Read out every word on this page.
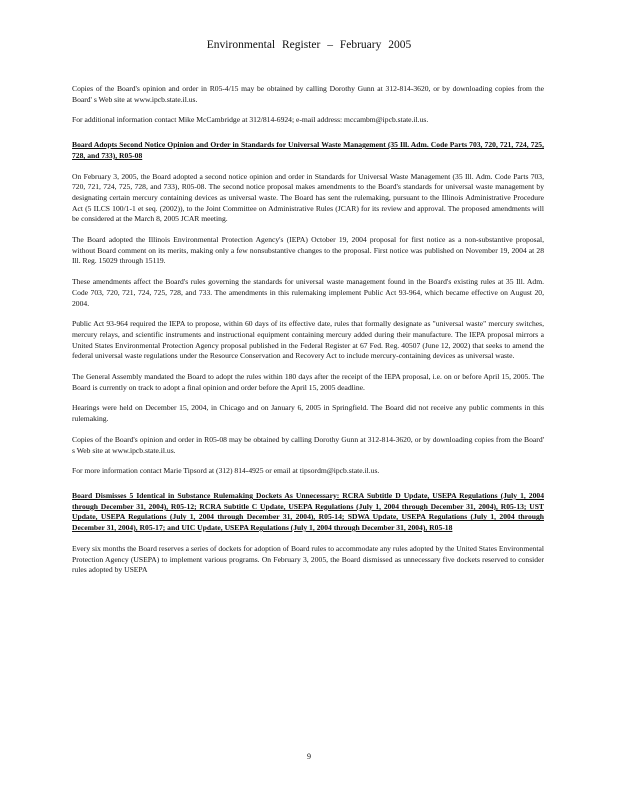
Environmental Register – February 2005

Copies of the Board's opinion and order in R05-4/15 may be obtained by calling Dorothy Gunn at 312-814-3620, or by downloading copies from the Board' s Web site at www.ipcb.state.il.us.

For additional information contact Mike McCambridge at 312/814-6924; e-mail address: mccambm@ipcb.state.il.us.

Board Adopts Second Notice Opinion and Order in Standards for Universal Waste Management (35 Ill. Adm. Code Parts 703, 720, 721, 724, 725, 728, and 733), R05-08

On February 3, 2005, the Board adopted a second notice opinion and order in Standards for Universal Waste Management (35 Ill. Adm. Code Parts 703, 720, 721, 724, 725, 728, and 733), R05-08. The second notice proposal makes amendments to the Board's standards for universal waste management by designating certain mercury containing devices as universal waste. The Board has sent the rulemaking, pursuant to the Illinois Administrative Procedure Act (5 ILCS 100/1-1 et seq. (2002)), to the Joint Committee on Administrative Rules (JCAR) for its review and approval. The proposed amendments will be considered at the March 8, 2005 JCAR meeting.

The Board adopted the Illinois Environmental Protection Agency's (IEPA) October 19, 2004 proposal for first notice as a non-substantive proposal, without Board comment on its merits, making only a few nonsubstantive changes to the proposal. First notice was published on November 19, 2004 at 28 Ill. Reg. 15029 through 15119.

These amendments affect the Board's rules governing the standards for universal waste management found in the Board's existing rules at 35 Ill. Adm. Code 703, 720, 721, 724, 725, 728, and 733. The amendments in this rulemaking implement Public Act 93-964, which became effective on August 20, 2004.

Public Act 93-964 required the IEPA to propose, within 60 days of its effective date, rules that formally designate as "universal waste" mercury switches, mercury relays, and scientific instruments and instructional equipment containing mercury added during their manufacture. The IEPA proposal mirrors a United States Environmental Protection Agency proposal published in the Federal Register at 67 Fed. Reg. 40507 (June 12, 2002) that seeks to amend the federal universal waste regulations under the Resource Conservation and Recovery Act to include mercury-containing devices as universal waste.

The General Assembly mandated the Board to adopt the rules within 180 days after the receipt of the IEPA proposal, i.e. on or before April 15, 2005. The Board is currently on track to adopt a final opinion and order before the April 15, 2005 deadline.

Hearings were held on December 15, 2004, in Chicago and on January 6, 2005 in Springfield. The Board did not receive any public comments in this rulemaking.

Copies of the Board's opinion and order in R05-08 may be obtained by calling Dorothy Gunn at 312-814-3620, or by downloading copies from the Board' s Web site at www.ipcb.state.il.us.

For more information contact Marie Tipsord at (312) 814-4925 or email at tipsordm@ipcb.state.il.us.

Board Dismisses 5 Identical in Substance Rulemaking Dockets As Unnecessary: RCRA Subtitle D Update, USEPA Regulations (July 1, 2004 through December 31, 2004), R05-12; RCRA Subtitle C Update, USEPA Regulations (July 1, 2004 through December 31, 2004), R05-13; UST Update, USEPA Regulations (July 1, 2004 through December 31, 2004), R05-14; SDWA Update, USEPA Regulations (July 1, 2004 through December 31, 2004), R05-17; and UIC Update, USEPA Regulations (July 1, 2004 through December 31, 2004), R05-18

Every six months the Board reserves a series of dockets for adoption of Board rules to accommodate any rules adopted by the United States Environmental Protection Agency (USEPA) to implement various programs. On February 3, 2005, the Board dismissed as unnecessary five dockets reserved to consider rules adopted by USEPA

9
